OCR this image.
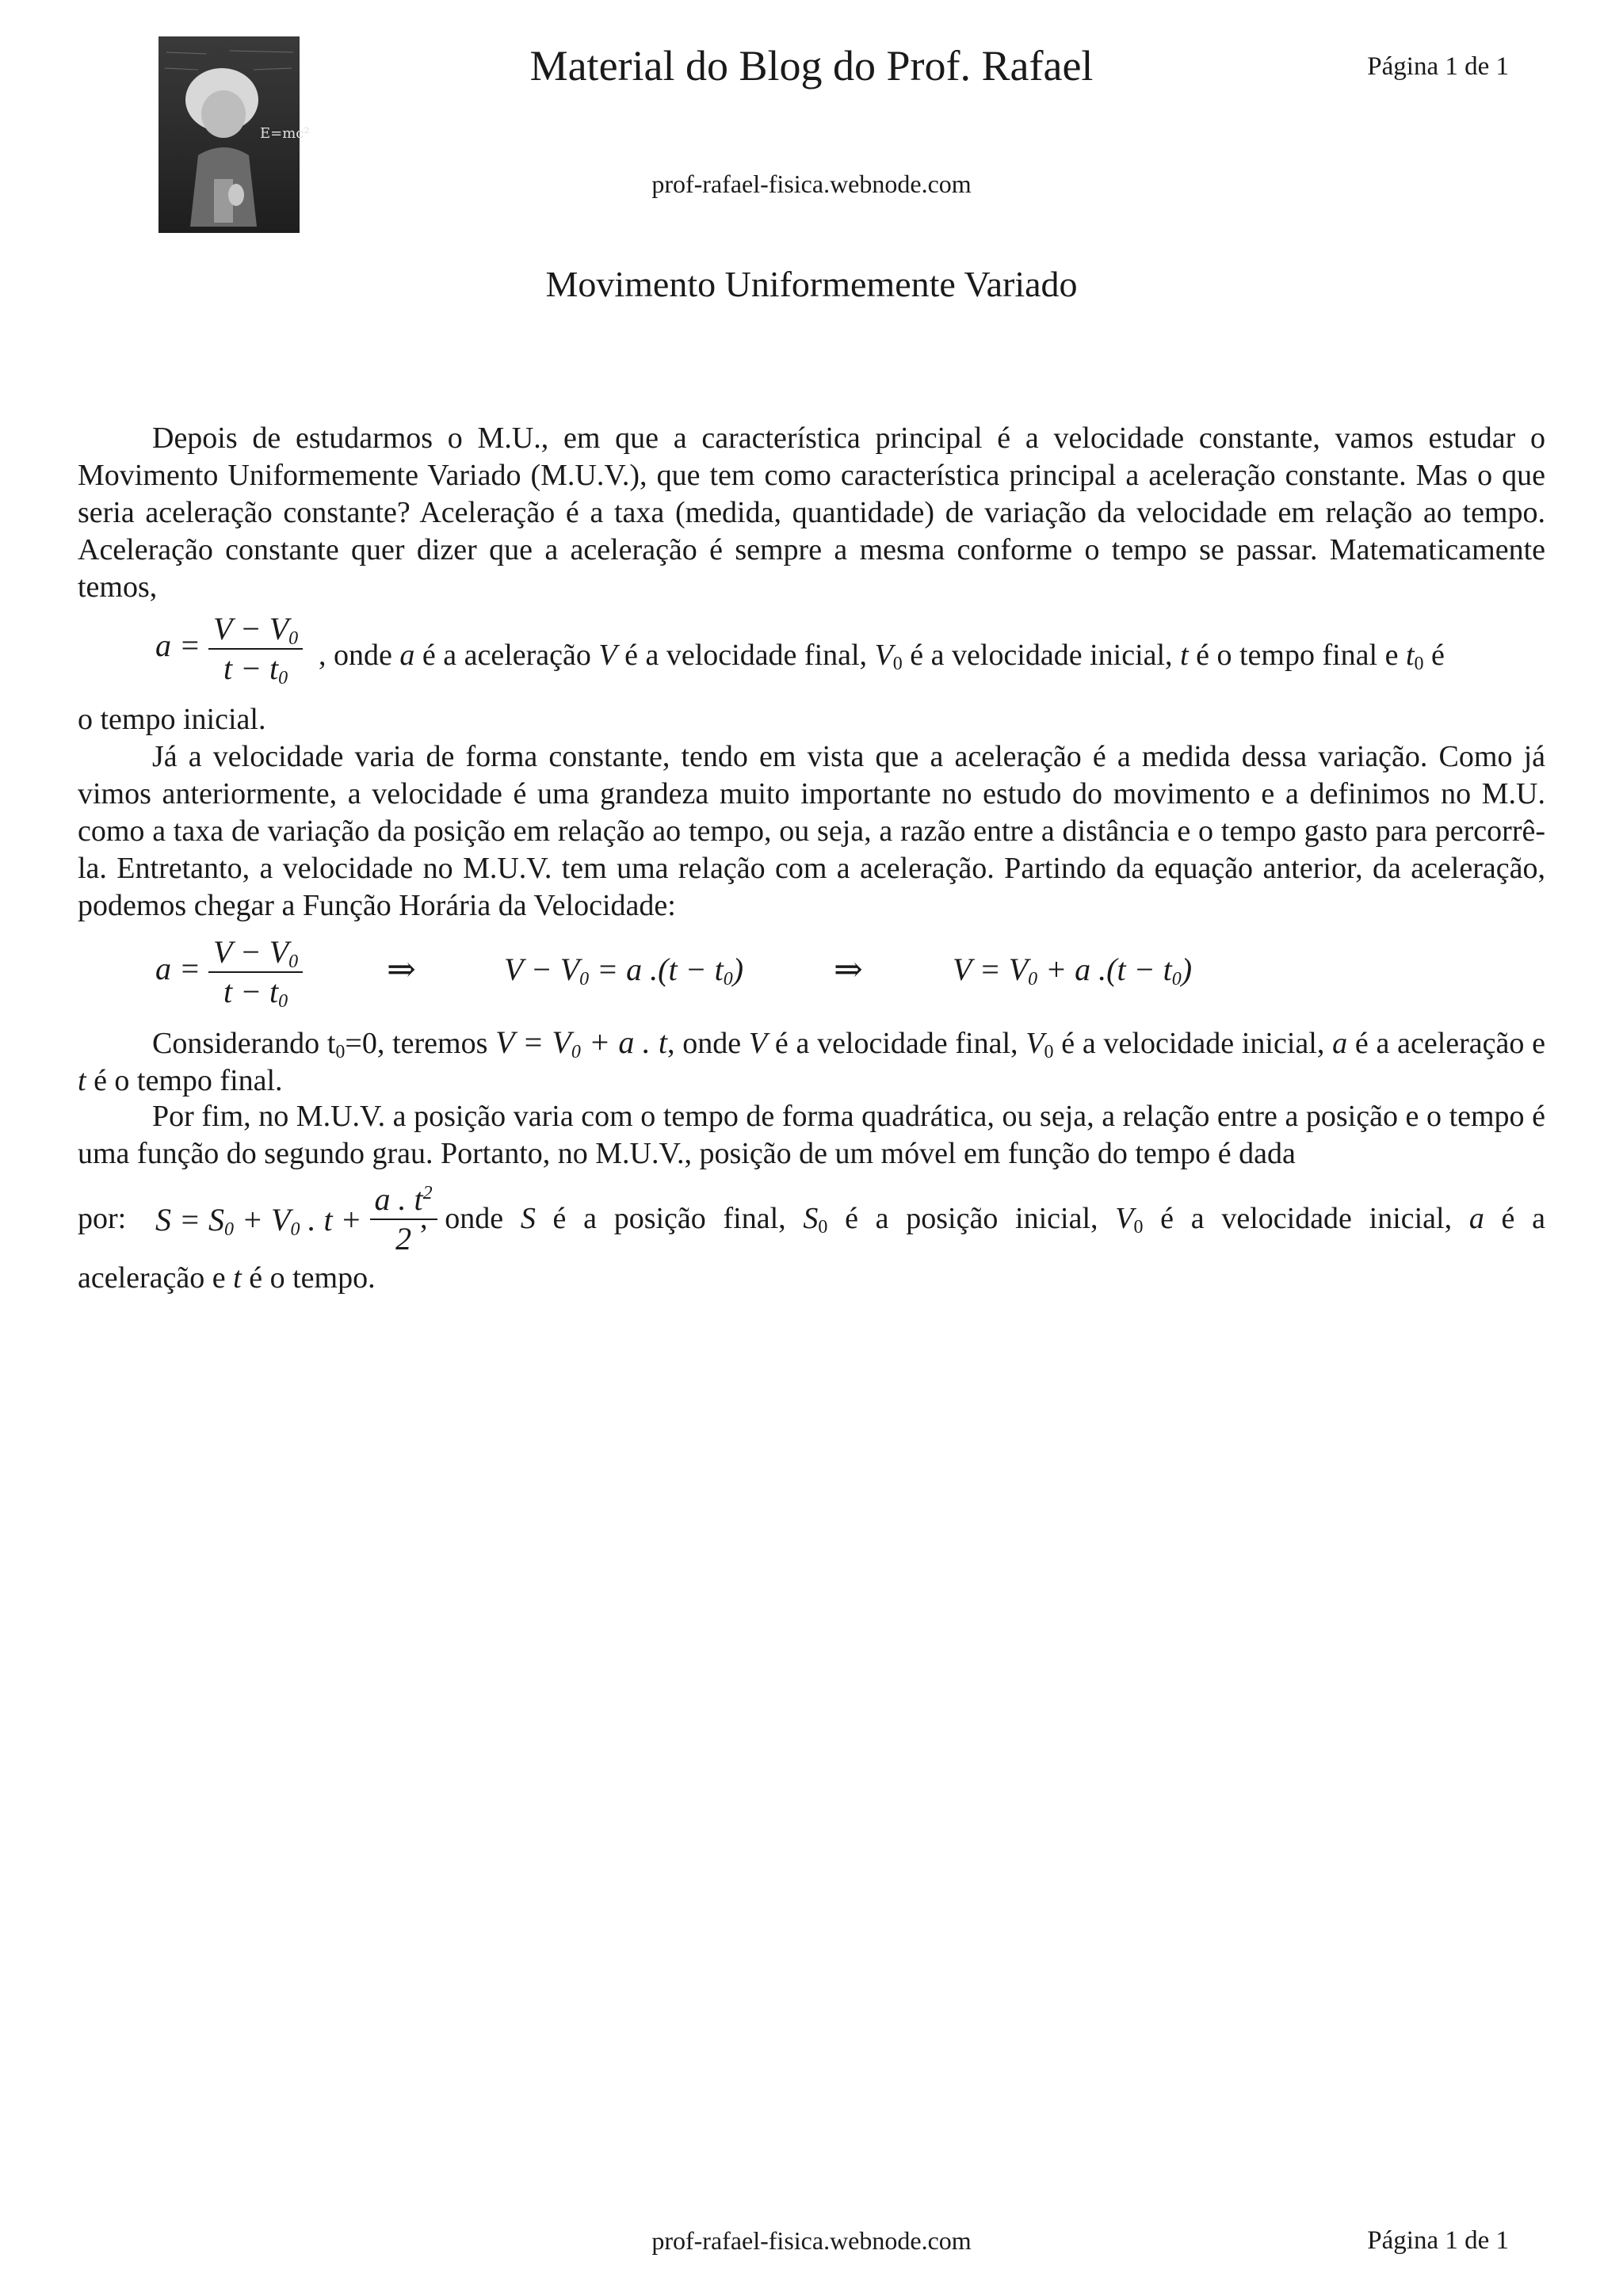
E=mc²
Material do Blog do Prof. Rafael	Página 1 de 1
prof-rafael-fisica.webnode.com
Movimento Uniformemente Variado
Depois de estudarmos o M.U., em que a característica principal é a velocidade constante, vamos estudar o Movimento Uniformemente Variado (M.U.V.), que tem como característica principal a aceleração constante. Mas o que seria aceleração constante? Aceleração é a taxa (medida, quantidade) de variação da velocidade em relação ao tempo. Aceleração constante quer dizer que a aceleração é sempre a mesma conforme o tempo se passar. Matematicamente temos,
$a = \frac{V - V_0}{t - t_0}$ , onde a é a aceleração V é a velocidade final, $V_0$ é a velocidade inicial, t é o tempo final e $t_0$ é
o tempo inicial.
Já a velocidade varia de forma constante, tendo em vista que a aceleração é a medida dessa variação. Como já vimos anteriormente, a velocidade é uma grandeza muito importante no estudo do movimento e a definimos no M.U. como a taxa de variação da posição em relação ao tempo, ou seja, a razão entre a distância e o tempo gasto para percorrê-la. Entretanto, a velocidade no M.U.V. tem uma relação com a aceleração. Partindo da equação anterior, da aceleração, podemos chegar a Função Horária da Velocidade:
$a = \frac{V - V_0}{t - t_0}$ ⇒	$V - V_0 = a$ $.(t - t_0)$	⇒	$V = V_0 + a$ $.(t - t_0)$
Considerando $t_0=0$, teremos $V = V_0 + a$ . t, onde V é a velocidade final, $V_0$ é a velocidade inicial, a é a aceleração e t é o tempo final.
Por fim, no M.U.V. a posição varia com o tempo de forma quadrática, ou seja, a relação entre a posição e o tempo é uma função do segundo grau. Portanto, no M.U.V., posição de um móvel em função do tempo é dada
por: $S = S_0 + V_0$ . $t + \frac{a . t^2}{2}$
, onde S é a posição final, $S_0$ é a posição inicial, $V_0$ é a velocidade inicial, a é a
aceleração e t é o tempo.
prof-rafael-fisica.webnode.com	Página 1 de 1
